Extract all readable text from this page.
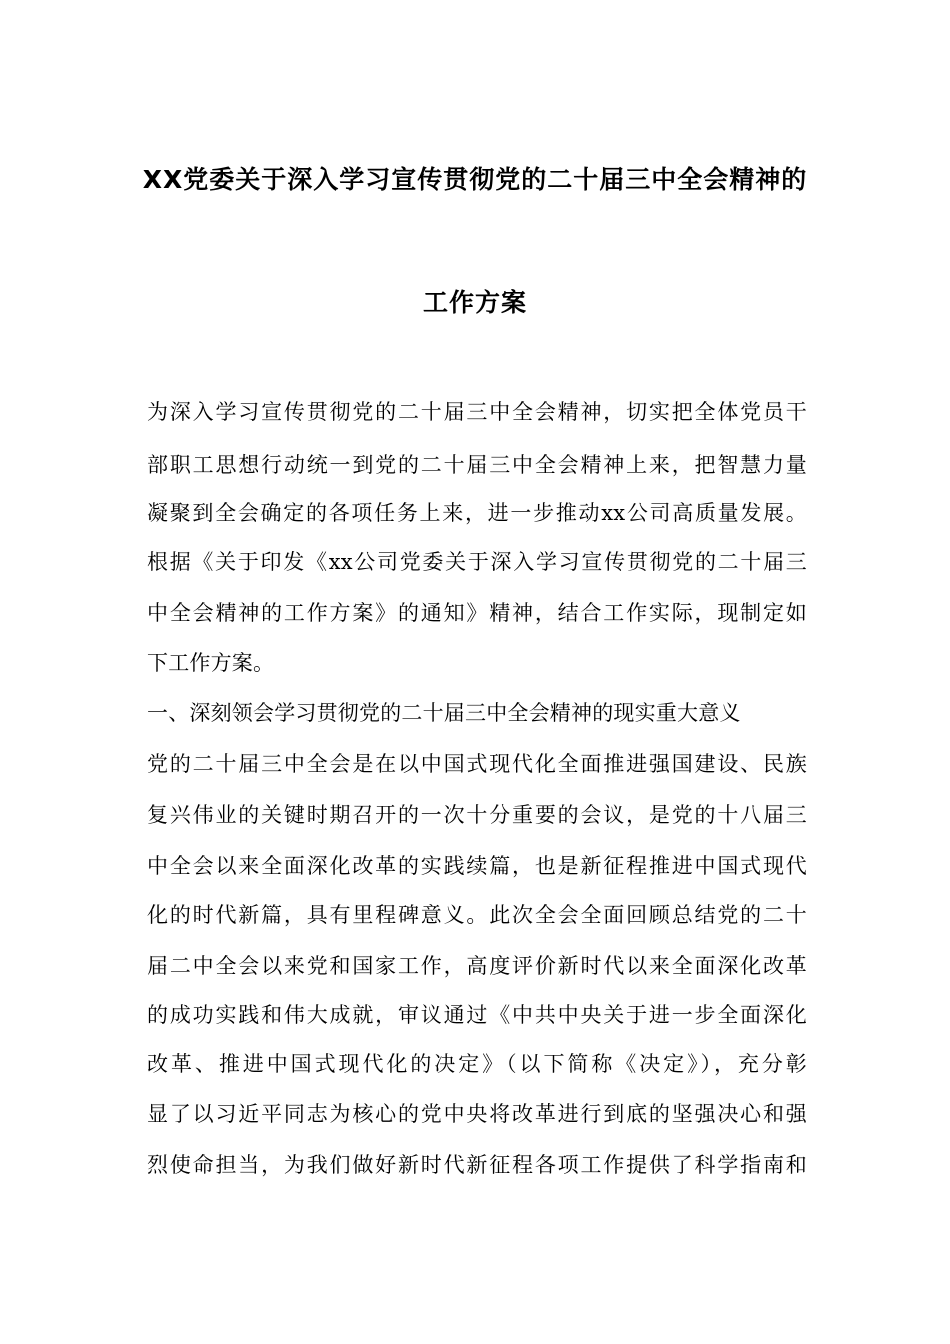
XX党委关于深入学习宣传贯彻党的二十届三中全会精神的
工作方案
为深入学习宣传贯彻党的二十届三中全会精神，切实把全体党员干
部职工思想行动统一到党的二十届三中全会精神上来，把智慧力量
凝聚到全会确定的各项任务上来，进一步推动xx公司高质量发展。
根据《关于印发《xx公司党委关于深入学习宣传贯彻党的二十届三
中全会精神的工作方案》的通知》精神，结合工作实际，现制定如
下工作方案。
一、深刻领会学习贯彻党的二十届三中全会精神的现实重大意义
党的二十届三中全会是在以中国式现代化全面推进强国建设、民族
复兴伟业的关键时期召开的一次十分重要的会议，是党的十八届三
中全会以来全面深化改革的实践续篇，也是新征程推进中国式现代
化的时代新篇，具有里程碑意义。此次全会全面回顾总结党的二十
届二中全会以来党和国家工作，高度评价新时代以来全面深化改革
的成功实践和伟大成就，审议通过《中共中央关于进一步全面深化
改革、推进中国式现代化的决定》（以下简称《决定》），充分彰
显了以习近平同志为核心的党中央将改革进行到底的坚强决心和强
烈使命担当，为我们做好新时代新征程各项工作提供了科学指南和
